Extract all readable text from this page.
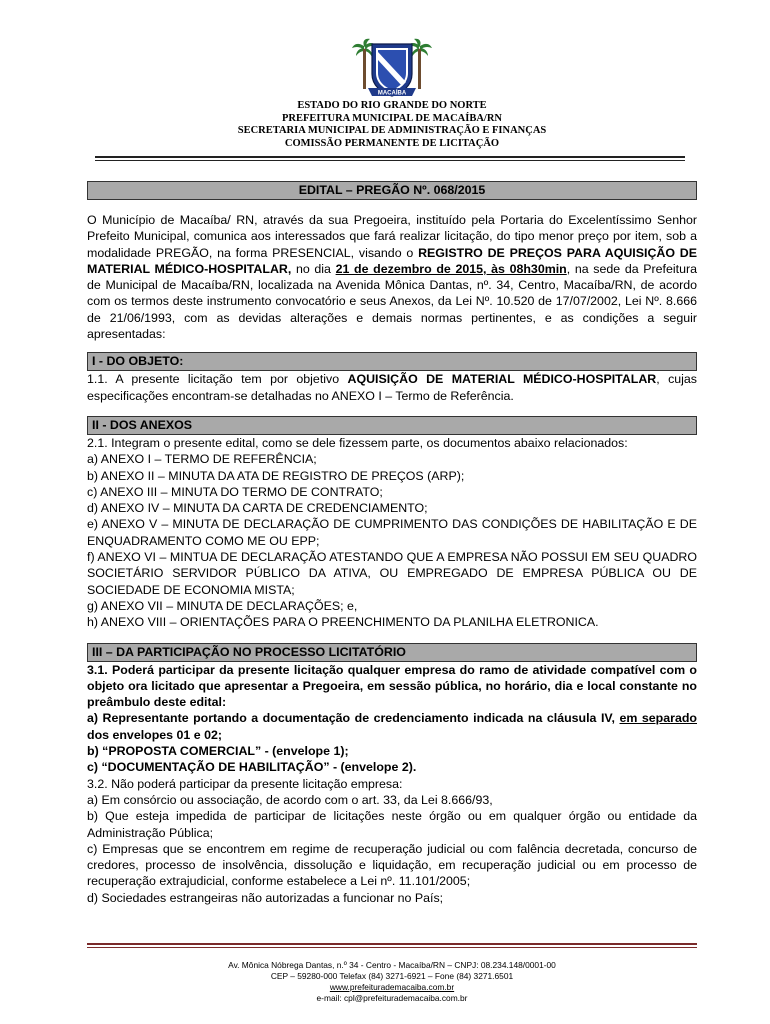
MACAÍBA
ESTADO DO RIO GRANDE DO NORTE
PREFEITURA MUNICIPAL DE MACAÍBA/RN
SECRETARIA MUNICIPAL DE ADMINISTRAÇÃO E FINANÇAS
COMISSÃO PERMANENTE DE LICITAÇÃO
EDITAL – PREGÃO Nº. 068/2015

O Município de Macaíba/ RN, através da sua Pregoeira, instituído pela Portaria do Excelentíssimo Senhor Prefeito Municipal, comunica aos interessados que fará realizar licitação, do tipo menor preço por item, sob a modalidade PREGÃO, na forma PRESENCIAL, visando o REGISTRO DE PREÇOS PARA AQUISIÇÃO DE MATERIAL MÉDICO-HOSPITALAR, no dia 21 de dezembro de 2015, às 08h30min, na sede da Prefeitura de Municipal de Macaíba/RN, localizada na Avenida Mônica Dantas, nº. 34, Centro, Macaíba/RN, de acordo com os termos deste instrumento convocatório e seus Anexos, da Lei Nº. 10.520 de 17/07/2002, Lei Nº. 8.666 de 21/06/1993, com as devidas alterações e demais normas pertinentes, e as condições a seguir apresentadas:

I - DO OBJETO:

1.1. A presente licitação tem por objetivo AQUISIÇÃO DE MATERIAL MÉDICO-HOSPITALAR, cujas especificações encontram-se detalhadas no ANEXO I – Termo de Referência.

II - DOS ANEXOS

2.1. Integram o presente edital, como se dele fizessem parte, os documentos abaixo relacionados:

a) ANEXO I – TERMO DE REFERÊNCIA;

b) ANEXO II – MINUTA DA ATA DE REGISTRO DE PREÇOS (ARP);

c) ANEXO III – MINUTA DO TERMO DE CONTRATO;

d) ANEXO IV – MINUTA DA CARTA DE CREDENCIAMENTO;

e) ANEXO V – MINUTA DE DECLARAÇÃO DE CUMPRIMENTO DAS CONDIÇÕES DE HABILITAÇÃO E DE ENQUADRAMENTO COMO ME OU EPP;

f) ANEXO VI – MINTUA DE DECLARAÇÃO ATESTANDO QUE A EMPRESA NÃO POSSUI EM SEU QUADRO SOCIETÁRIO SERVIDOR PÚBLICO DA ATIVA, OU EMPREGADO DE EMPRESA PÚBLICA OU DE SOCIEDADE DE ECONOMIA MISTA;

g) ANEXO VII – MINUTA DE DECLARAÇÕES; e,

h) ANEXO VIII – ORIENTAÇÕES PARA O PREENCHIMENTO DA PLANILHA ELETRONICA.

III – DA PARTICIPAÇÃO NO PROCESSO LICITATÓRIO

3.1. Poderá participar da presente licitação qualquer empresa do ramo de atividade compatível com o objeto ora licitado que apresentar a Pregoeira, em sessão pública, no horário, dia e local constante no preâmbulo deste edital:

a) Representante portando a documentação de credenciamento indicada na cláusula IV, em separado dos envelopes 01 e 02;

b) “PROPOSTA COMERCIAL” - (envelope 1);

c) “DOCUMENTAÇÃO DE HABILITAÇÃO” - (envelope 2).

3.2. Não poderá participar da presente licitação empresa:

a) Em consórcio ou associação, de acordo com o art. 33, da Lei 8.666/93,

b) Que esteja impedida de participar de licitações neste órgão ou em qualquer órgão ou entidade da Administração Pública;

c) Empresas que se encontrem em regime de recuperação judicial ou com falência decretada, concurso de credores, processo de insolvência, dissolução e liquidação, em recuperação judicial ou em processo de recuperação extrajudicial, conforme estabelece a Lei nº. 11.101/2005;

d) Sociedades estrangeiras não autorizadas a funcionar no País;

Av. Mônica Nóbrega Dantas, n.º 34 - Centro - Macaíba/RN – CNPJ: 08.234.148/0001-00
CEP – 59280-000 Telefax (84) 3271-6921 – Fone (84) 3271.6501
www.prefeiturademacaiba.com.br
e-mail: cpl@prefeiturademacaiba.com.br
